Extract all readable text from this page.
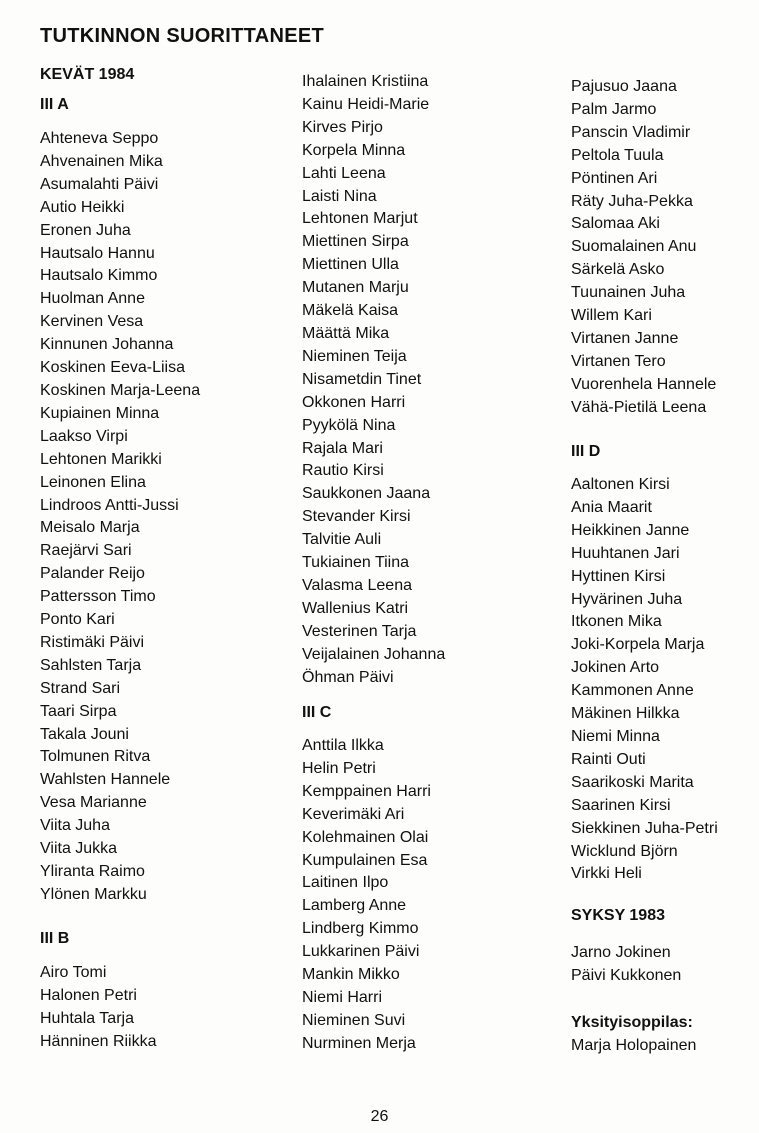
TUTKINNON SUORITTANEET
KEVÄT 1984
III A
Ahteneva Seppo
Ahvenainen Mika
Asumalahti Päivi
Autio Heikki
Eronen Juha
Hautsalo Hannu
Hautsalo Kimmo
Huolman Anne
Kervinen Vesa
Kinnunen Johanna
Koskinen Eeva-Liisa
Koskinen Marja-Leena
Kupiainen Minna
Laakso Virpi
Lehtonen Marikki
Leinonen Elina
Lindroos Antti-Jussi
Meisalo Marja
Raejärvi Sari
Palander Reijo
Pattersson Timo
Ponto Kari
Ristimäki Päivi
Sahlsten Tarja
Strand Sari
Taari Sirpa
Takala Jouni
Tolmunen Ritva
Wahlsten Hannele
Vesa Marianne
Viita Juha
Viita Jukka
Yliranta Raimo
Ylönen Markku
III B
Airo Tomi
Halonen Petri
Huhtala Tarja
Hänninen Riikka
Ihalainen Kristiina
Kainu Heidi-Marie
Kirves Pirjo
Korpela Minna
Lahti Leena
Laisti Nina
Lehtonen Marjut
Miettinen Sirpa
Miettinen Ulla
Mutanen Marju
Mäkelä Kaisa
Määttä Mika
Nieminen Teija
Nisametdin Tinet
Okkonen Harri
Pyykölä Nina
Rajala Mari
Rautio Kirsi
Saukkonen Jaana
Stevander Kirsi
Talvitie Auli
Tukiainen Tiina
Valasma Leena
Wallenius Katri
Vesterinen Tarja
Veijalainen Johanna
Öhman Päivi
III C
Anttila Ilkka
Helin Petri
Kemppainen Harri
Keverimäki Ari
Kolehmainen Olai
Kumpulainen Esa
Laitinen Ilpo
Lamberg Anne
Lindberg Kimmo
Lukkarinen Päivi
Mankin Mikko
Niemi Harri
Nieminen Suvi
Nurminen Merja
Pajusuo Jaana
Palm Jarmo
Panscin Vladimir
Peltola Tuula
Pöntinen Ari
Räty Juha-Pekka
Salomaa Aki
Suomalainen Anu
Särkelä Asko
Tuunainen Juha
Willem Kari
Virtanen Janne
Virtanen Tero
Vuorenhela Hannele
Vähä-Pietilä Leena
III D
Aaltonen Kirsi
Ania Maarit
Heikkinen Janne
Huuhtanen Jari
Hyttinen Kirsi
Hyvärinen Juha
Itkonen Mika
Joki-Korpela Marja
Jokinen Arto
Kammonen Anne
Mäkinen Hilkka
Niemi Minna
Rainti Outi
Saarikoski Marita
Saarinen Kirsi
Siekkinen Juha-Petri
Wicklund Björn
Virkki Heli
SYKSY 1983
Jarno Jokinen
Päivi Kukkonen
Yksityisoppilas:
Marja Holopainen
26
